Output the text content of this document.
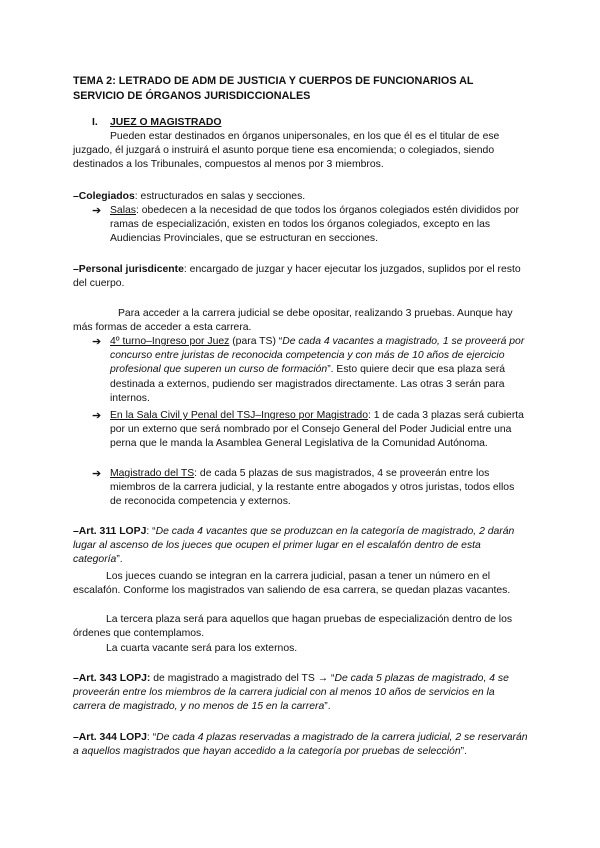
TEMA 2: LETRADO DE ADM DE JUSTICIA Y CUERPOS DE FUNCIONARIOS AL
SERVICIO DE ÓRGANOS JURISDICCIONALES
I. JUEZ O MAGISTRADO
Pueden estar destinados en órganos unipersonales, en los que él es el titular de ese juzgado, él juzgará o instruirá el asunto porque tiene esa encomienda; o colegiados, siendo destinados a los Tribunales, compuestos al menos por 3 miembros.
–Colegiados: estructurados en salas y secciones.
➔ Salas: obedecen a la necesidad de que todos los órganos colegiados estén divididos por ramas de especialización, existen en todos los órganos colegiados, excepto en las Audiencias Provinciales, que se estructuran en secciones.
–Personal jurisdicente: encargado de juzgar y hacer ejecutar los juzgados, suplidos por el resto del cuerpo.
Para acceder a la carrera judicial se debe opositar, realizando 3 pruebas. Aunque hay más formas de acceder a esta carrera.
➔ 4º turno–Ingreso por Juez (para TS) “De cada 4 vacantes a magistrado, 1 se proveerá por concurso entre juristas de reconocida competencia y con más de 10 años de ejercicio profesional que superen un curso de formación”. Esto quiere decir que esa plaza será destinada a externos, pudiendo ser magistrados directamente. Las otras 3 serán para internos.
➔ En la Sala Civil y Penal del TSJ–Ingreso por Magistrado: 1 de cada 3 plazas será cubierta por un externo que será nombrado por el Consejo General del Poder Judicial entre una perna que le manda la Asamblea General Legislativa de la Comunidad Autónoma.
➔ Magistrado del TS: de cada 5 plazas de sus magistrados, 4 se proveerán entre los miembros de la carrera judicial, y la restante entre abogados y otros juristas, todos ellos de reconocida competencia y externos.
–Art. 311 LOPJ: “De cada 4 vacantes que se produzcan en la categoría de magistrado, 2 darán lugar al ascenso de los jueces que ocupen el primer lugar en el escalafón dentro de esta categoría”.
Los jueces cuando se integran en la carrera judicial, pasan a tener un número en el escalafón. Conforme los magistrados van saliendo de esa carrera, se quedan plazas vacantes.
La tercera plaza será para aquellos que hagan pruebas de especialización dentro de los órdenes que contemplamos.
La cuarta vacante será para los externos.
–Art. 343 LOPJ: de magistrado a magistrado del TS → “De cada 5 plazas de magistrado, 4 se proveerán entre los miembros de la carrera judicial con al menos 10 años de servicios en la carrera de magistrado, y no menos de 15 en la carrera”.
–Art. 344 LOPJ: “De cada 4 plazas reservadas a magistrado de la carrera judicial, 2 se reservarán a aquellos magistrados que hayan accedido a la categoría por pruebas de selección”.
